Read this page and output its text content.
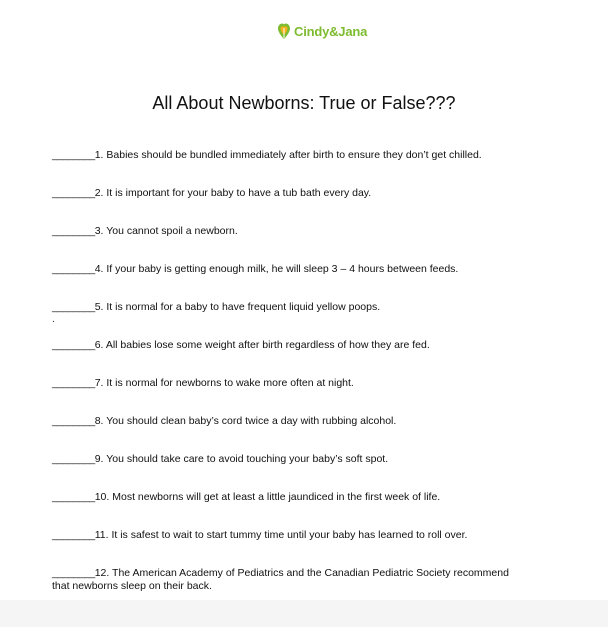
Cindy&Jana
All About Newborns: True or False???
________1. Babies should be bundled immediately after birth to ensure they don’t get chilled.
________2. It is important for your baby to have a tub bath every day.
________3. You cannot spoil a newborn.
________4. If your baby is getting enough milk, he will sleep 3 – 4 hours between feeds.
________5. It is normal for a baby to have frequent liquid yellow poops.
________6. All babies lose some weight after birth regardless of how they are fed.
________7. It is normal for newborns to wake more often at night.
________8. You should clean baby’s cord twice a day with rubbing alcohol.
________9. You should take care to avoid touching your baby’s soft spot.
________10. Most newborns will get at least a little jaundiced in the first week of life.
________11. It is safest to wait to start tummy time until your baby has learned to roll over.
________12. The American Academy of Pediatrics and the Canadian Pediatric Society recommend that newborns sleep on their back.
.
